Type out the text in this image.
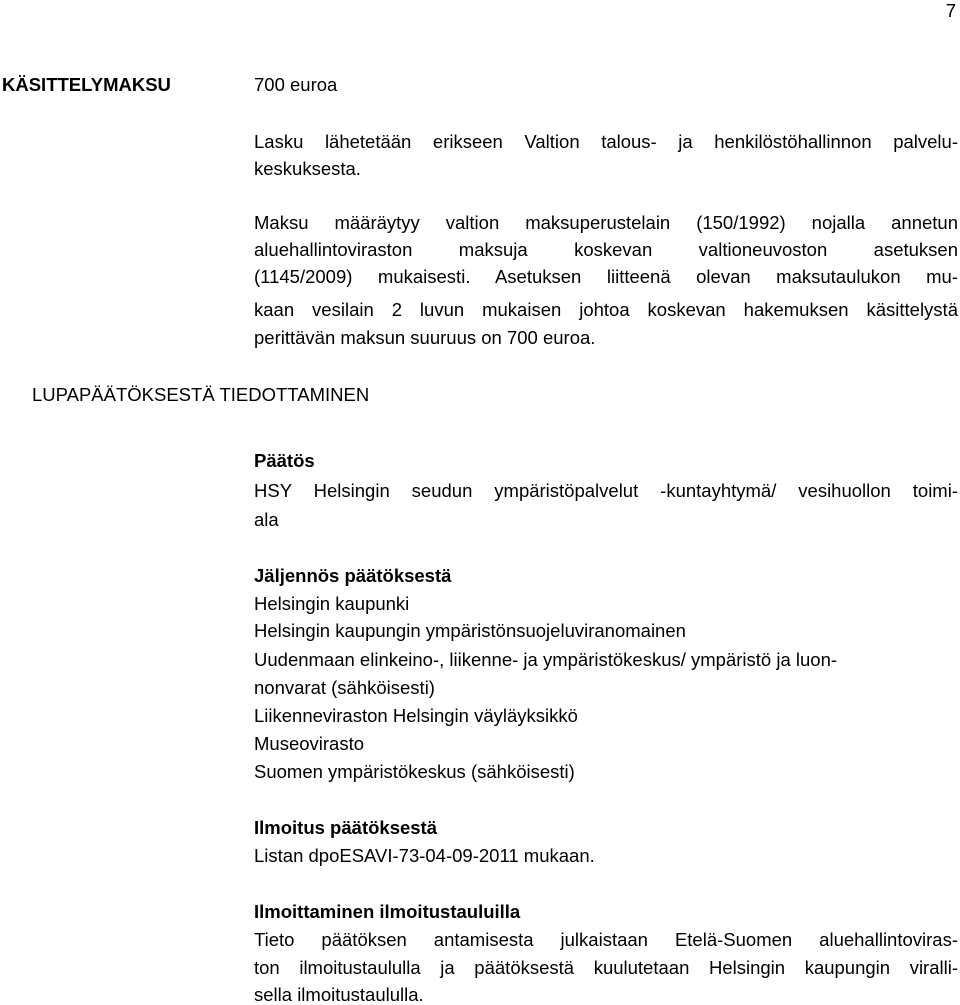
7
KÄSITTELYMAKSU	700 euroa
Lasku lähetetään erikseen Valtion talous- ja henkilöstöhallinnon palvelu-
keskuksesta.
Maksu määräytyy valtion maksuperustelain (150/1992) nojalla annetun
aluehallintoviraston maksuja koskevan valtioneuvoston asetuksen
(1145/2009) mukaisesti. Asetuksen liitteenä olevan maksutaulukon mu-
kaan vesilain 2 luvun mukaisen johtoa koskevan hakemuksen käsittelystä
perittävän maksun suuruus on 700 euroa.
LUPAPÄÄTÖKSESTÄ TIEDOTTAMINEN
Päätös
HSY Helsingin seudun ympäristöpalvelut -kuntayhtymä/ vesihuollon toimi-
ala
Jäljennös päätöksestä
Helsingin kaupunki
Helsingin kaupungin ympäristönsuojeluviranomainen
Uudenmaan elinkeino-, liikenne- ja ympäristökeskus/ ympäristö ja luon-
nonvarat (sähköisesti)
Liikenneviraston Helsingin väyläyksikkö
Museovirasto
Suomen ympäristökeskus (sähköisesti)
Ilmoitus päätöksestä
Listan dpoESAVI-73-04-09-2011 mukaan.
Ilmoittaminen ilmoitustauluilla
Tieto päätöksen antamisesta julkaistaan Etelä-Suomen aluehallintoviras-
ton ilmoitustaululla ja päätöksestä kuulutetaan Helsingin kaupungin viralli-
sella ilmoitustaululla.
